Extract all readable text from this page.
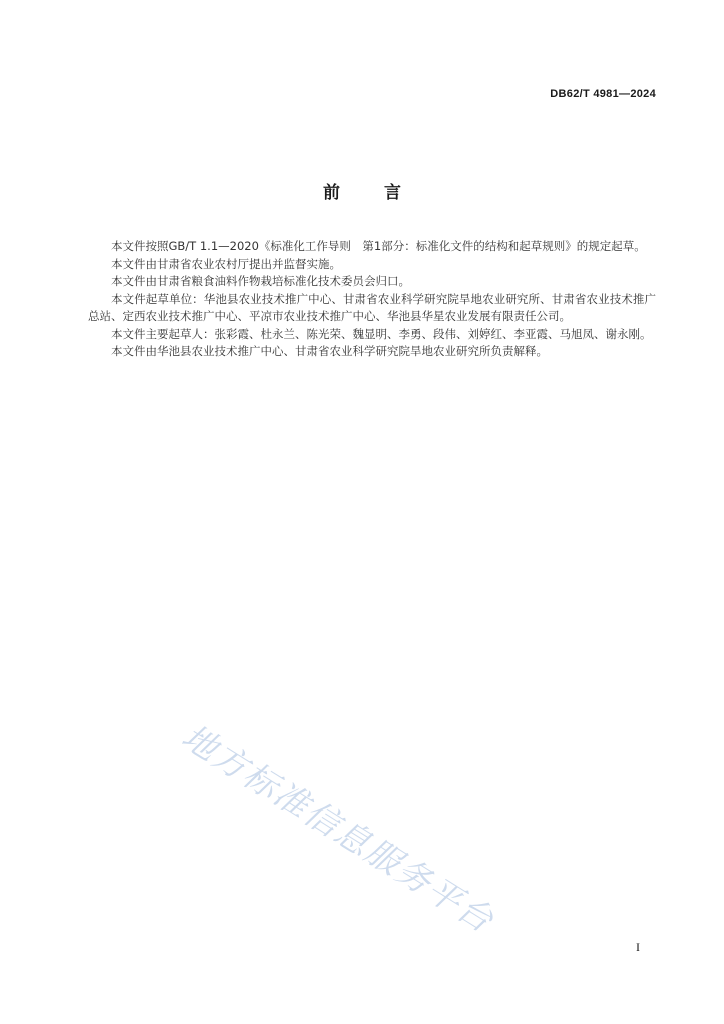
DB62/T 4981—2024
前言

本文件按照GB/T 1.1—2020《标准化工作导则　第1部分：标准化文件的结构和起草规则》的规定起草。

本文件由甘肃省农业农村厅提出并监督实施。

本文件由甘肃省粮食油料作物栽培标准化技术委员会归口。

本文件起草单位：华池县农业技术推广中心、甘肃省农业科学研究院旱地农业研究所、甘肃省农业技术推广总站、定西农业技术推广中心、平凉市农业技术推广中心、华池县华星农业发展有限责任公司。

本文件主要起草人：张彩霞、杜永兰、陈光荣、魏显明、李勇、段伟、刘婷红、李亚霞、马旭凤、谢永刚。

本文件由华池县农业技术推广中心、甘肃省农业科学研究院旱地农业研究所负责解释。

地方标准信息服务平台
I
